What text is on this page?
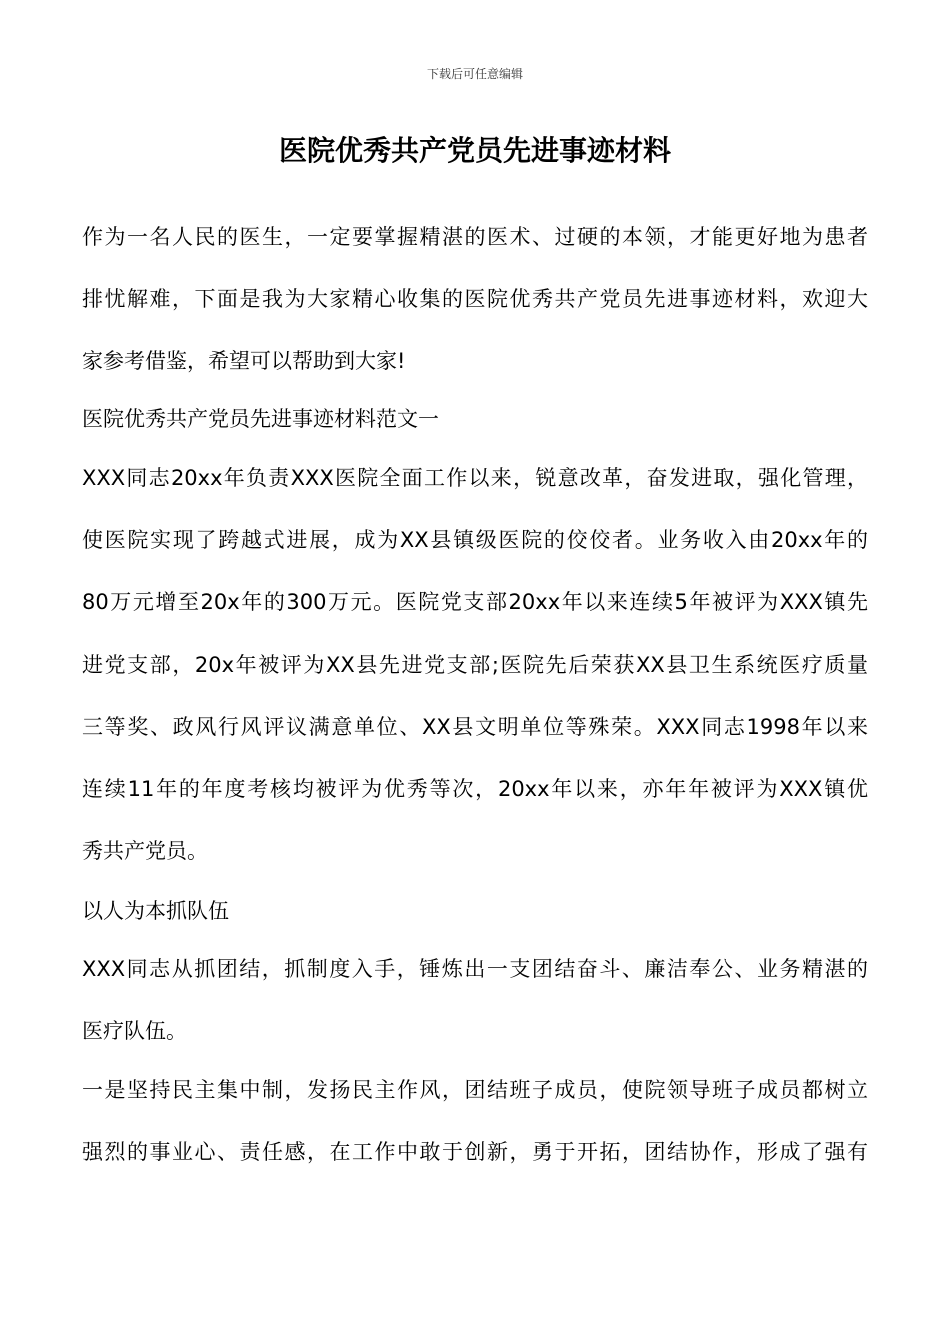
下载后可任意编辑
医院优秀共产党员先进事迹材料
作为一名人民的医生，一定要掌握精湛的医术、过硬的本领，才能更好地为患者
排忧解难，下面是我为大家精心收集的医院优秀共产党员先进事迹材料，欢迎大
家参考借鉴，希望可以帮助到大家!
医院优秀共产党员先进事迹材料范文一
XXX同志20xx年负责XXX医院全面工作以来，锐意改革，奋发进取，强化管理，
使医院实现了跨越式进展，成为XX县镇级医院的佼佼者。业务收入由20xx年的
80万元增至20x年的300万元。医院党支部20xx年以来连续5年被评为XXX镇先
进党支部，20x年被评为XX县先进党支部;医院先后荣获XX县卫生系统医疗质量
三等奖、政风行风评议满意单位、XX县文明单位等殊荣。XXX同志1998年以来
连续11年的年度考核均被评为优秀等次，20xx年以来，亦年年被评为XXX镇优
秀共产党员。
以人为本抓队伍
XXX同志从抓团结，抓制度入手，锤炼出一支团结奋斗、廉洁奉公、业务精湛的
医疗队伍。
一是坚持民主集中制，发扬民主作风，团结班子成员，使院领导班子成员都树立
强烈的事业心、责任感，在工作中敢于创新，勇于开拓，团结协作，形成了强有
